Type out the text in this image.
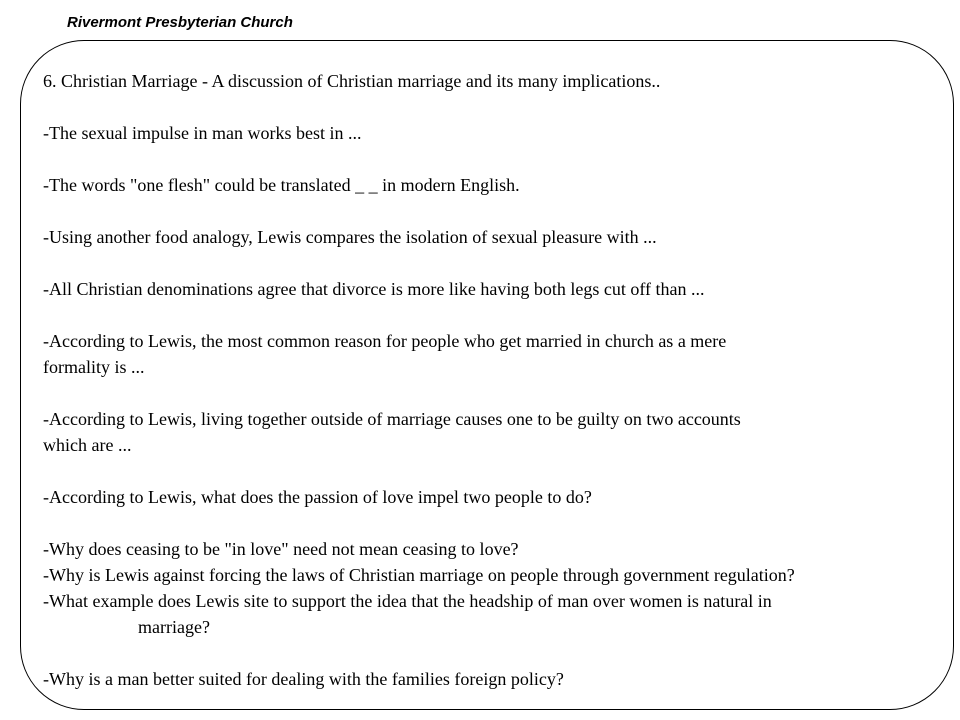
Rivermont Presbyterian Church
6. Christian Marriage - A discussion of Christian marriage and its many implications..
-The sexual impulse in man works best in ...
-The words "one flesh" could be translated _ _ in modern English.
-Using another food analogy, Lewis compares the isolation of sexual pleasure with ...
-All Christian denominations agree that divorce is more like having both legs cut off than ...
-According to Lewis, the most common reason for people who get married in church as a mere
formality is ...
-According to Lewis, living together outside of marriage causes one to be guilty on two accounts
which are ...
-According to Lewis, what does the passion of love impel two people to do?
-Why does ceasing to be "in love" need not mean ceasing to love?
-Why is Lewis against forcing the laws of Christian marriage on people through government regulation?
-What example does Lewis site to support the idea that the headship of man over women is natural in
marriage?
-Why is a man better suited for dealing with the families foreign policy?
